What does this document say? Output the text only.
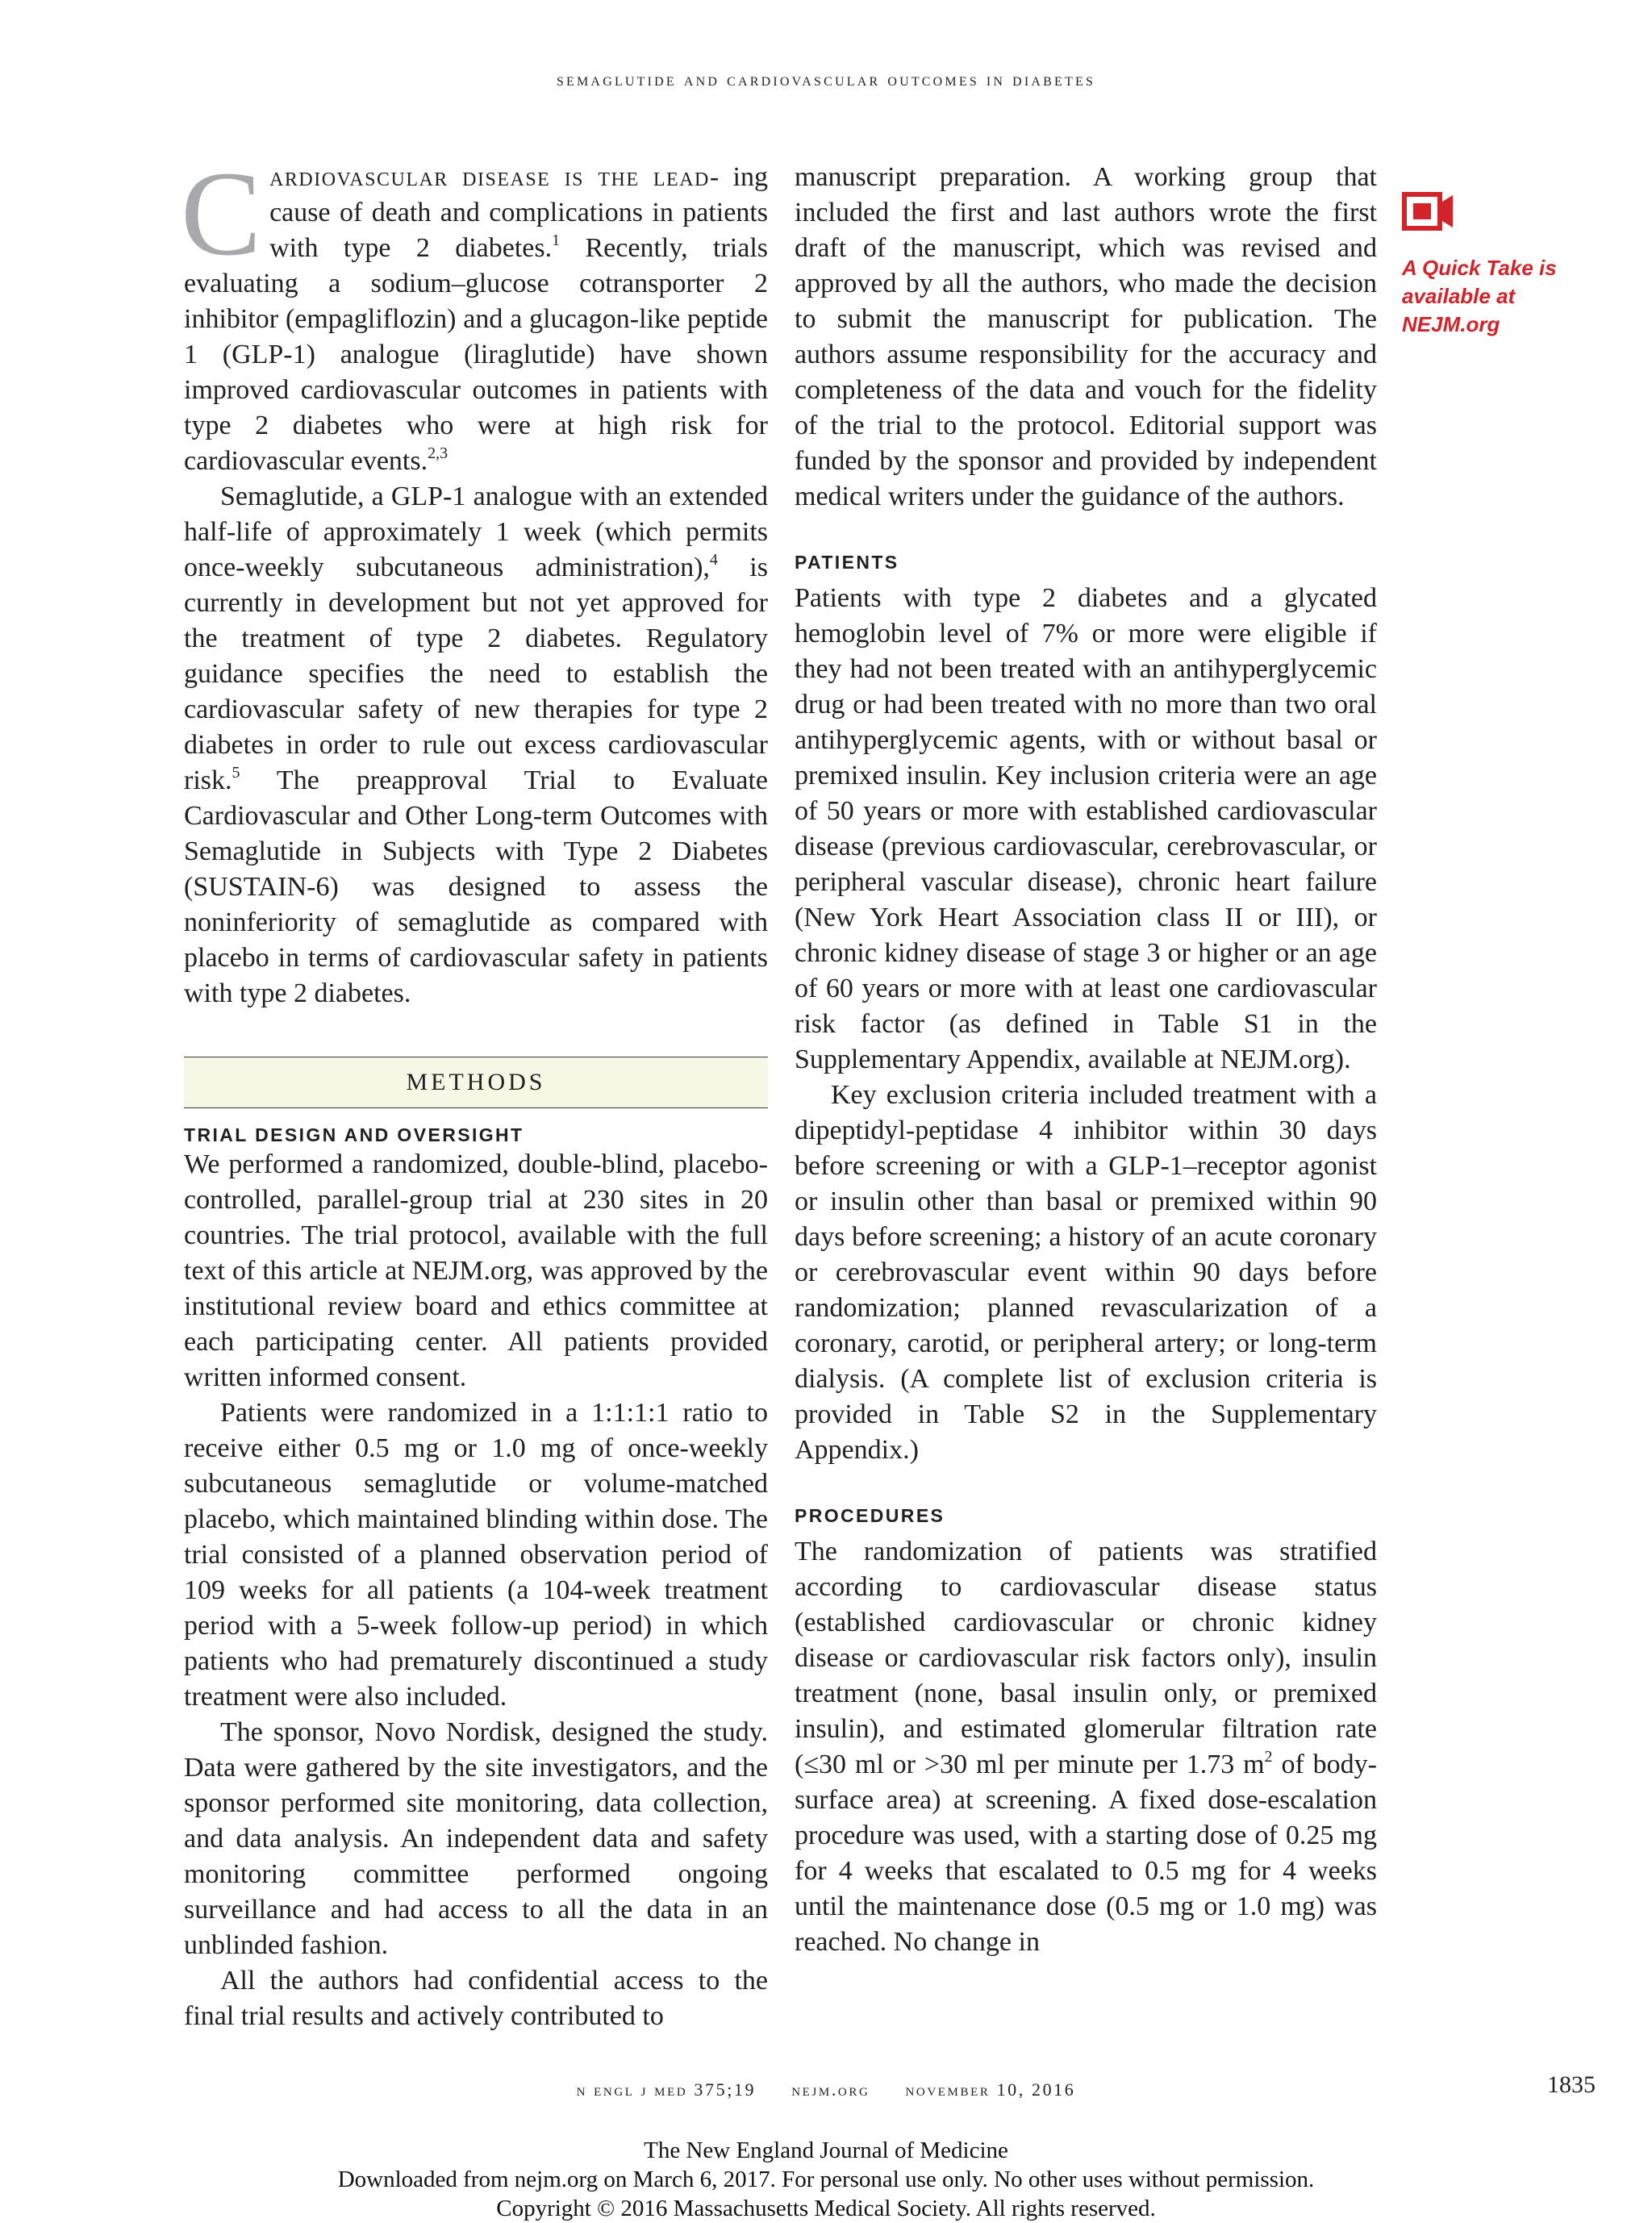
semaglutide and cardiovascular outcomes in diabetes

Cardiovascular disease is the lead- ing cause of death and complications in patients with type 2 diabetes.$^1$ Recently, trials evaluating a sodium–glucose cotransporter 2 inhibitor (empagliflozin) and a glucagon-like peptide 1 (GLP-1) analogue (liraglutide) have shown improved cardiovascular outcomes in patients with type 2 diabetes who were at high risk for cardiovascular events.$^{2,3}$

Semaglutide, a GLP-1 analogue with an extended half-life of approximately 1 week (which permits once-weekly subcutaneous administration),$^4$ is currently in development but not yet approved for the treatment of type 2 diabetes. Regulatory guidance specifies the need to establish the cardiovascular safety of new therapies for type 2 diabetes in order to rule out excess cardiovascular risk.$^5$ The preapproval Trial to Evaluate Cardiovascular and Other Long-term Outcomes with Semaglutide in Subjects with Type 2 Diabetes (SUSTAIN-6) was designed to assess the noninferiority of semaglutide as compared with placebo in terms of cardiovascular safety in patients with type 2 diabetes.

METHODS

TRIAL DESIGN AND OVERSIGHT

We performed a randomized, double-blind, placebo-controlled, parallel-group trial at 230 sites in 20 countries. The trial protocol, available with the full text of this article at NEJM.org, was approved by the institutional review board and ethics committee at each participating center. All patients provided written informed consent.

Patients were randomized in a 1:1:1:1 ratio to receive either 0.5 mg or 1.0 mg of once-weekly subcutaneous semaglutide or volume-matched placebo, which maintained blinding within dose. The trial consisted of a planned observation period of 109 weeks for all patients (a 104-week treatment period with a 5-week follow-up period) in which patients who had prematurely discontinued a study treatment were also included.

The sponsor, Novo Nordisk, designed the study. Data were gathered by the site investigators, and the sponsor performed site monitoring, data collection, and data analysis. An independent data and safety monitoring committee performed ongoing surveillance and had access to all the data in an unblinded fashion.

All the authors had confidential access to the final trial results and actively contributed to

manuscript preparation. A working group that included the first and last authors wrote the first draft of the manuscript, which was revised and approved by all the authors, who made the decision to submit the manuscript for publication. The authors assume responsibility for the accuracy and completeness of the data and vouch for the fidelity of the trial to the protocol. Editorial support was funded by the sponsor and provided by independent medical writers under the guidance of the authors.

PATIENTS

Patients with type 2 diabetes and a glycated hemoglobin level of 7% or more were eligible if they had not been treated with an antihyperglycemic drug or had been treated with no more than two oral antihyperglycemic agents, with or without basal or premixed insulin. Key inclusion criteria were an age of 50 years or more with established cardiovascular disease (previous cardiovascular, cerebrovascular, or peripheral vascular disease), chronic heart failure (New York Heart Association class II or III), or chronic kidney disease of stage 3 or higher or an age of 60 years or more with at least one cardiovascular risk factor (as defined in Table S1 in the Supplementary Appendix, available at NEJM.org).

Key exclusion criteria included treatment with a dipeptidyl-peptidase 4 inhibitor within 30 days before screening or with a GLP-1–receptor agonist or insulin other than basal or premixed within 90 days before screening; a history of an acute coronary or cerebrovascular event within 90 days before randomization; planned revascularization of a coronary, carotid, or peripheral artery; or long-term dialysis. (A complete list of exclusion criteria is provided in Table S2 in the Supplementary Appendix.)

PROCEDURES

The randomization of patients was stratified according to cardiovascular disease status (established cardiovascular or chronic kidney disease or cardiovascular risk factors only), insulin treatment (none, basal insulin only, or premixed insulin), and estimated glomerular filtration rate (≤30 ml or >30 ml per minute per 1.73 $m^2$ of body-surface area) at screening. A fixed dose-escalation procedure was used, with a starting dose of 0.25 mg for 4 weeks that escalated to 0.5 mg for 4 weeks until the maintenance dose (0.5 mg or 1.0 mg) was reached. No change in

A Quick Take is available at NEJM.org
n engl j med 375;19 nejm.org november 10, 2016	1835
The New England Journal of Medicine
Downloaded from nejm.org on March 6, 2017. For personal use only. No other uses without permission.
Copyright © 2016 Massachusetts Medical Society. All rights reserved.
